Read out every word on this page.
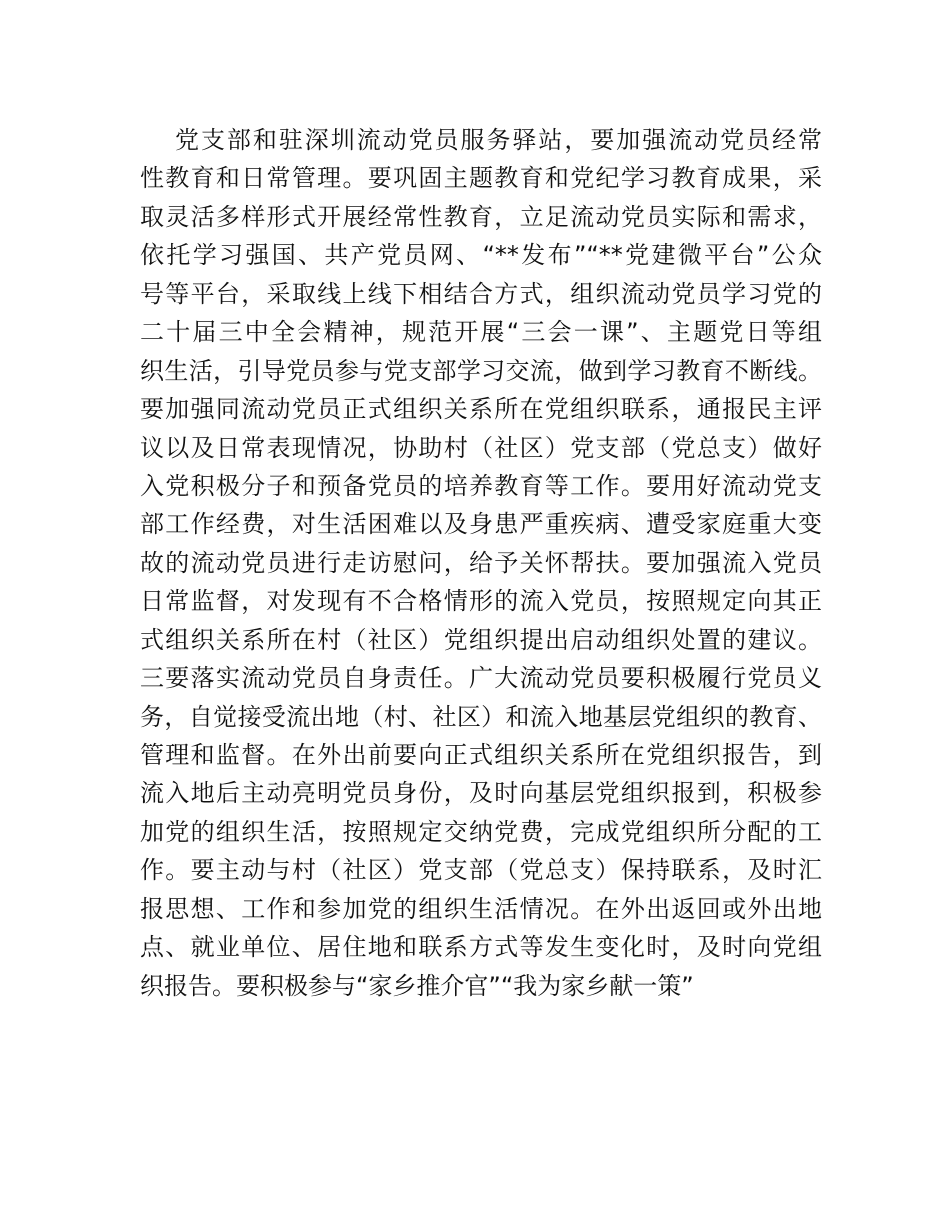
党支部和驻深圳流动党员服务驿站，要加强流动党员经常
性教育和日常管理。要巩固主题教育和党纪学习教育成果，采
取灵活多样形式开展经常性教育，立足流动党员实际和需求，
依托学习强国、共产党员网、“**发布”“**党建微平台”公众
号等平台，采取线上线下相结合方式，组织流动党员学习党的
二十届三中全会精神，规范开展“三会一课”、主题党日等组
织生活，引导党员参与党支部学习交流，做到学习教育不断线。
要加强同流动党员正式组织关系所在党组织联系，通报民主评
议以及日常表现情况，协助村（社区）党支部（党总支）做好
入党积极分子和预备党员的培养教育等工作。要用好流动党支
部工作经费，对生活困难以及身患严重疾病、遭受家庭重大变
故的流动党员进行走访慰问，给予关怀帮扶。要加强流入党员
日常监督，对发现有不合格情形的流入党员，按照规定向其正
式组织关系所在村（社区）党组织提出启动组织处置的建议。
三要落实流动党员自身责任。广大流动党员要积极履行党员义
务，自觉接受流出地（村、社区）和流入地基层党组织的教育、
管理和监督。在外出前要向正式组织关系所在党组织报告，到
流入地后主动亮明党员身份，及时向基层党组织报到，积极参
加党的组织生活，按照规定交纳党费，完成党组织所分配的工
作。要主动与村（社区）党支部（党总支）保持联系，及时汇
报思想、工作和参加党的组织生活情况。在外出返回或外出地
点、就业单位、居住地和联系方式等发生变化时，及时向党组
织报告。要积极参与“家乡推介官”“我为家乡献一策”
